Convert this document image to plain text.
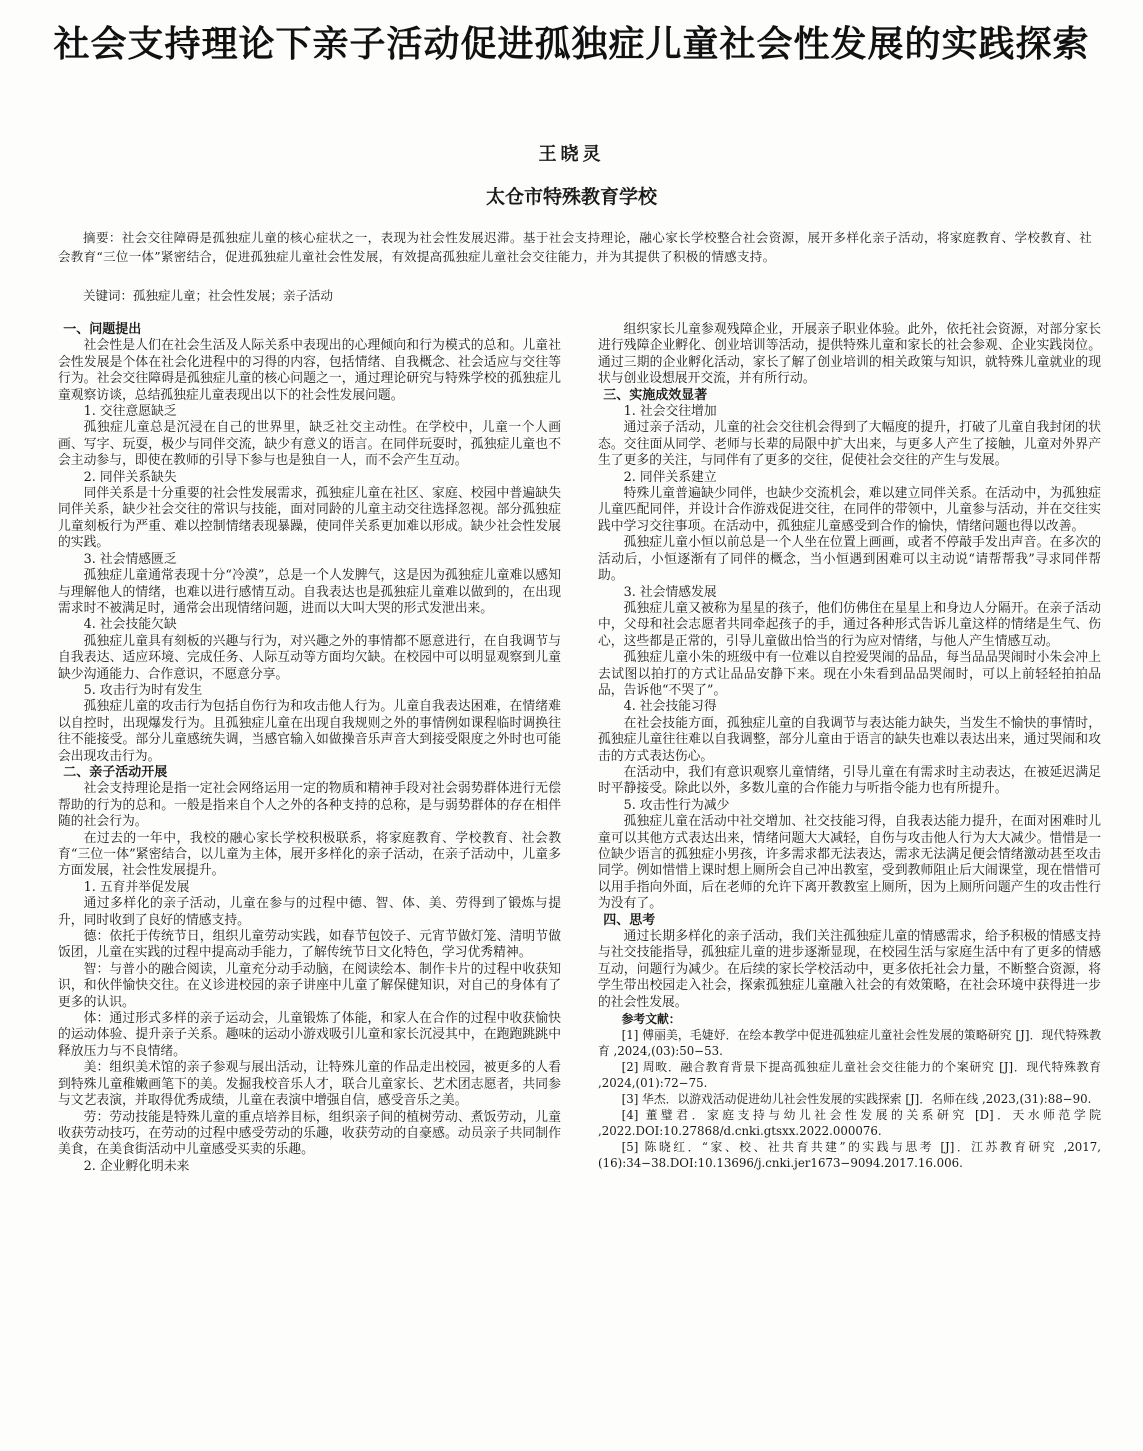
社会支持理论下亲子活动促进孤独症儿童社会性发展的实践探索
王晓灵
太仓市特殊教育学校
摘要：社会交往障碍是孤独症儿童的核心症状之一，表现为社会性发展迟滞。基于社会支持理论，融心家长学校整合社会资源，展开多样化亲子活动，将家庭教育、学校教育、社会教育“三位一体”紧密结合，促进孤独症儿童社会性发展，有效提高孤独症儿童社会交往能力，并为其提供了积极的情感支持。
关键词：孤独症儿童；社会性发展；亲子活动
一、问题提出

社会性是人们在社会生活及人际关系中表现出的心理倾向和行为模式的总和。儿童社会性发展是个体在社会化进程中的习得的内容，包括情绪、自我概念、社会适应与交往等行为。社会交往障碍是孤独症儿童的核心问题之一，通过理论研究与特殊学校的孤独症儿童观察访谈，总结孤独症儿童表现出以下的社会性发展问题。

1. 交往意愿缺乏

孤独症儿童总是沉浸在自己的世界里，缺乏社交主动性。在学校中，儿童一个人画画、写字、玩耍，极少与同伴交流，缺少有意义的语言。在同伴玩耍时，孤独症儿童也不会主动参与，即使在教师的引导下参与也是独自一人，而不会产生互动。

2. 同伴关系缺失

同伴关系是十分重要的社会性发展需求，孤独症儿童在社区、家庭、校园中普遍缺失同伴关系，缺少社会交往的常识与技能，面对同龄的儿童主动交往选择忽视。部分孤独症儿童刻板行为严重、难以控制情绪表现暴躁，使同伴关系更加难以形成。缺少社会性发展的实践。

3. 社会情感匮乏

孤独症儿童通常表现十分“冷漠”，总是一个人发脾气，这是因为孤独症儿童难以感知与理解他人的情绪，也难以进行感情互动。自我表达也是孤独症儿童难以做到的，在出现需求时不被满足时，通常会出现情绪问题，进而以大叫大哭的形式发泄出来。

4. 社会技能欠缺

孤独症儿童具有刻板的兴趣与行为，对兴趣之外的事情都不愿意进行，在自我调节与自我表达、适应环境、完成任务、人际互动等方面均欠缺。在校园中可以明显观察到儿童缺少沟通能力、合作意识，不愿意分享。

5. 攻击行为时有发生

孤独症儿童的攻击行为包括自伤行为和攻击他人行为。儿童自我表达困难，在情绪难以自控时，出现爆发行为。且孤独症儿童在出现自我规则之外的事情例如课程临时调换往往不能接受。部分儿童感统失调，当感官输入如做操音乐声音大到接受限度之外时也可能会出现攻击行为。

二、亲子活动开展

社会支持理论是指一定社会网络运用一定的物质和精神手段对社会弱势群体进行无偿帮助的行为的总和。一般是指来自个人之外的各种支持的总称，是与弱势群体的存在相伴随的社会行为。

在过去的一年中，我校的融心家长学校积极联系，将家庭教育、学校教育、社会教育“三位一体”紧密结合，以儿童为主体，展开多样化的亲子活动，在亲子活动中，儿童多方面发展，社会性发展提升。

1. 五育并举促发展

通过多样化的亲子活动，儿童在参与的过程中德、智、体、美、劳得到了锻炼与提升，同时收到了良好的情感支持。

德：依托于传统节日，组织儿童劳动实践，如春节包饺子、元宵节做灯笼、清明节做饭团，儿童在实践的过程中提高动手能力，了解传统节日文化特色，学习优秀精神。

智：与普小的融合阅读，儿童充分动手动脑，在阅读绘本、制作卡片的过程中收获知识，和伙伴愉快交往。在义诊进校园的亲子讲座中儿童了解保健知识，对自己的身体有了更多的认识。

体：通过形式多样的亲子运动会，儿童锻炼了体能，和家人在合作的过程中收获愉快的运动体验、提升亲子关系。趣味的运动小游戏吸引儿童和家长沉浸其中，在跑跑跳跳中释放压力与不良情绪。

美：组织美术馆的亲子参观与展出活动，让特殊儿童的作品走出校园，被更多的人看到特殊儿童稚嫩画笔下的美。发掘我校音乐人才，联合儿童家长、艺术团志愿者，共同参与文艺表演，并取得优秀成绩，儿童在表演中增强自信，感受音乐之美。

劳：劳动技能是特殊儿童的重点培养目标，组织亲子间的植树劳动、煮饭劳动，儿童收获劳动技巧，在劳动的过程中感受劳动的乐趣，收获劳动的自豪感。动员亲子共同制作美食，在美食街活动中儿童感受买卖的乐趣。

2. 企业孵化明未来

组织家长儿童参观残障企业，开展亲子职业体验。此外，依托社会资源，对部分家长进行残障企业孵化、创业培训等活动，提供特殊儿童和家长的社会参观、企业实践岗位。通过三期的企业孵化活动，家长了解了创业培训的相关政策与知识，就特殊儿童就业的现状与创业设想展开交流，并有所行动。

三、实施成效显著
1. 社会交往增加

通过亲子活动，儿童的社会交往机会得到了大幅度的提升，打破了儿童自我封闭的状态。交往面从同学、老师与长辈的局限中扩大出来，与更多人产生了接触，儿童对外界产生了更多的关注，与同伴有了更多的交往，促使社会交往的产生与发展。

2. 同伴关系建立

特殊儿童普遍缺少同伴，也缺少交流机会，难以建立同伴关系。在活动中，为孤独症儿童匹配同伴，并设计合作游戏促进交往，在同伴的带领中，儿童参与活动，并在交往实践中学习交往事项。在活动中，孤独症儿童感受到合作的愉快，情绪问题也得以改善。

孤独症儿童小恒以前总是一个人坐在位置上画画，或者不停敲手发出声音。在多次的活动后，小恒逐渐有了同伴的概念，当小恒遇到困难可以主动说“请帮帮我”寻求同伴帮助。

3. 社会情感发展

孤独症儿童又被称为星星的孩子，他们仿佛住在星星上和身边人分隔开。在亲子活动中，父母和社会志愿者共同牵起孩子的手，通过各种形式告诉儿童这样的情绪是生气、伤心，这些都是正常的，引导儿童做出恰当的行为应对情绪，与他人产生情感互动。

孤独症儿童小朱的班级中有一位难以自控爱哭闹的品品，每当品品哭闹时小朱会冲上去试图以拍打的方式让品品安静下来。现在小朱看到品品哭闹时，可以上前轻轻拍拍品品，告诉他“不哭了”。

4. 社会技能习得

在社会技能方面，孤独症儿童的自我调节与表达能力缺失，当发生不愉快的事情时，孤独症儿童往往难以自我调整，部分儿童由于语言的缺失也难以表达出来，通过哭闹和攻击的方式表达伤心。

在活动中，我们有意识观察儿童情绪，引导儿童在有需求时主动表达，在被延迟满足时平静接受。除此以外，多数儿童的合作能力与听指令能力也有所提升。

5. 攻击性行为减少

孤独症儿童在活动中社交增加、社交技能习得，自我表达能力提升，在面对困难时儿童可以其他方式表达出来，情绪问题大大减轻，自伤与攻击他人行为大大减少。惜惜是一位缺少语言的孤独症小男孩，许多需求都无法表达，需求无法满足便会情绪激动甚至攻击同学。例如惜惜上课时想上厕所会自己冲出教室，受到教师阻止后大闹课堂，现在惜惜可以用手指向外面，后在老师的允许下离开教教室上厕所，因为上厕所问题产生的攻击性行为没有了。

四、思考

通过长期多样化的亲子活动，我们关注孤独症儿童的情感需求，给予积极的情感支持与社交技能指导，孤独症儿童的进步逐渐显现，在校园生活与家庭生活中有了更多的情感互动，问题行为减少。在后续的家长学校活动中，更多依托社会力量，不断整合资源，将学生带出校园走入社会，探索孤独症儿童融入社会的有效策略，在社会环境中获得进一步的社会性发展。

参考文献：

[1] 傅丽美，毛婕妤．在绘本教学中促进孤独症儿童社会性发展的策略研究 [J]．现代特殊教育 ,2024,(03):50−53.

[2] 周畋．融合教育背景下提高孤独症儿童社会交往能力的个案研究 [J]．现代特殊教育 ,2024,(01):72−75.

[3] 华杰．以游戏活动促进幼儿社会性发展的实践探索 [J]．名师在线 ,2023,(31):88−90.

[4] 董璧君．家庭支持与幼儿社会性发展的关系研究 [D]．天水师范学院 ,2022.DOI:10.27868/d.cnki.gtsxx.2022.000076.

[5] 陈晓红．“家、校、社共育共建”的实践与思考 [J]．江苏教育研究 ,2017,(16):34−38.DOI:10.13696/j.cnki.jer1673−9094.2017.16.006.
